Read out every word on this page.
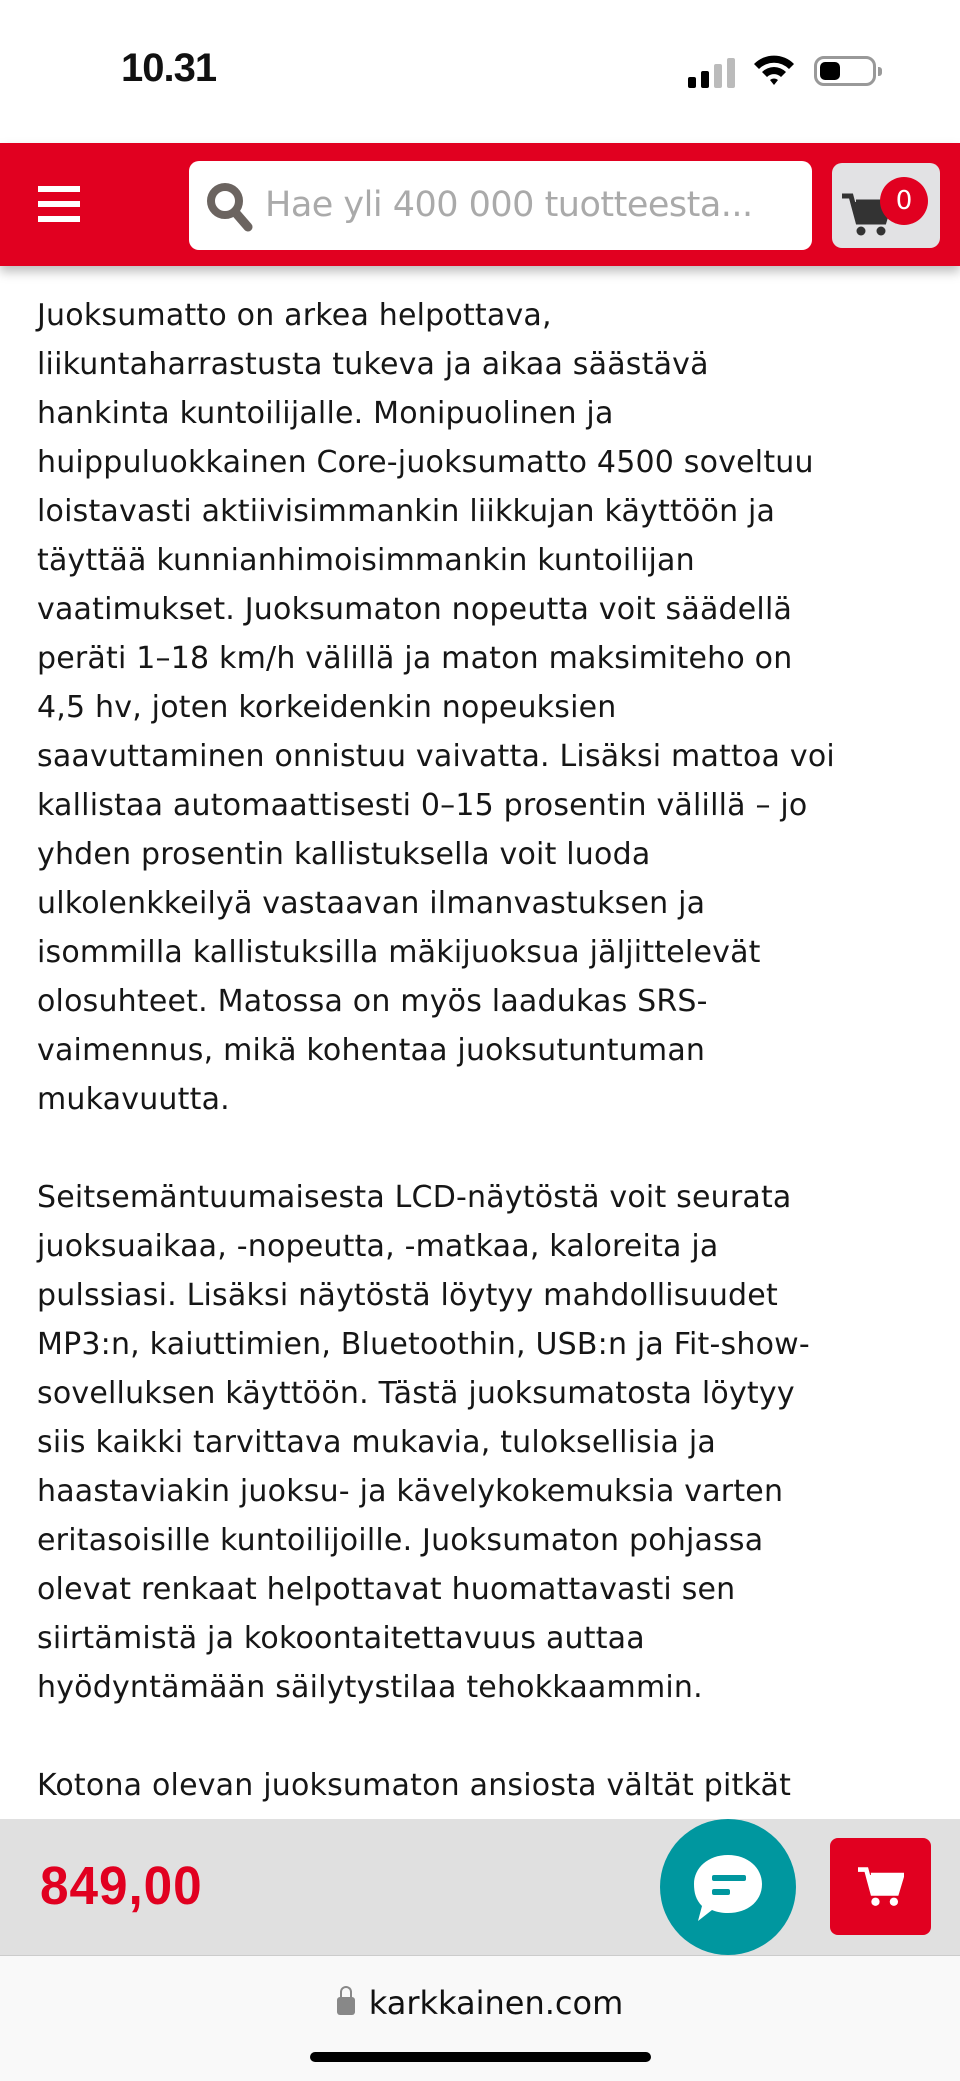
10.31
Hae yli 400 000 tuotteesta...	0

Juoksumatto on arkea helpottava,
liikuntaharrastusta tukeva ja aikaa säästävä
hankinta kuntoilijalle. Monipuolinen ja
huippuluokkainen Core-juoksumatto 4500 soveltuu
loistavasti aktiivisimmankin liikkujan käyttöön ja
täyttää kunnianhimoisimmankin kuntoilijan
vaatimukset. Juoksumaton nopeutta voit säädellä
peräti 1–18 km/h välillä ja maton maksimiteho on
4,5 hv, joten korkeidenkin nopeuksien
saavuttaminen onnistuu vaivatta. Lisäksi mattoa voi
kallistaa automaattisesti 0–15 prosentin välillä – jo
yhden prosentin kallistuksella voit luoda
ulkolenkkeilyä vastaavan ilmanvastuksen ja
isommilla kallistuksilla mäkijuoksua jäljittelevät
olosuhteet. Matossa on myös laadukas SRS-
vaimennus, mikä kohentaa juoksutuntuman
mukavuutta.

Seitsemäntuumaisesta LCD-näytöstä voit seurata
juoksuaikaa, -nopeutta, -matkaa, kaloreita ja
pulssiasi. Lisäksi näytöstä löytyy mahdollisuudet
MP3:n, kaiuttimien, Bluetoothin, USB:n ja Fit-show-
sovelluksen käyttöön. Tästä juoksumatosta löytyy
siis kaikki tarvittava mukavia, tuloksellisia ja
haastaviakin juoksu- ja kävelykokemuksia varten
eritasoisille kuntoilijoille. Juoksumaton pohjassa
olevat renkaat helpottavat huomattavasti sen
siirtämistä ja kokoontaitettavuus auttaa
hyödyntämään säilytystilaa tehokkaammin.

Kotona olevan juoksumaton ansiosta vältät pitkät

849,00
karkkainen.com
